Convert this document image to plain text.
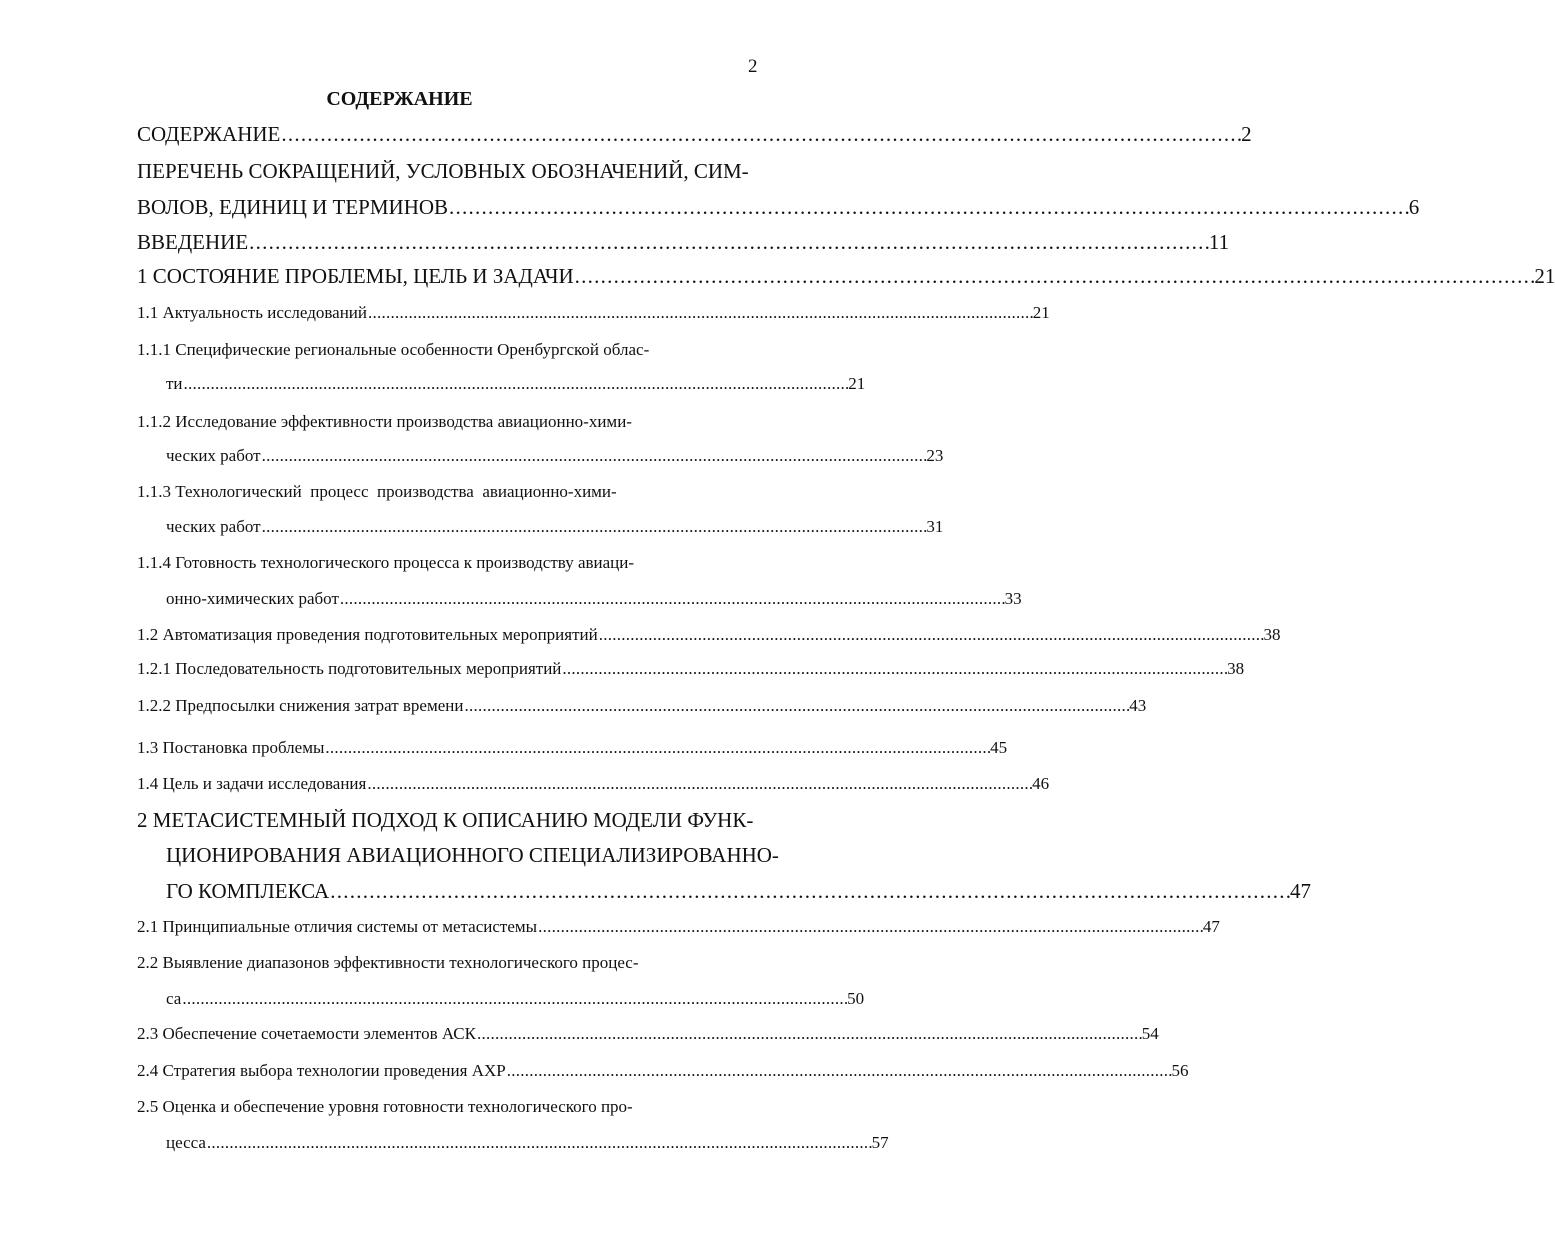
2
СОДЕРЖАНИЕ
СОДЕРЖАНИЕ . . .	2
ПЕРЕЧЕНЬ СОКРАЩЕНИЙ, УСЛОВНЫХ ОБОЗНАЧЕНИЙ, СИМ-
ВОЛОВ, ЕДИНИЦ И ТЕРМИНОВ . . .	6
ВВЕДЕНИЕ . . .	11
1 СОСТОЯНИЕ ПРОБЛЕМЫ, ЦЕЛЬ И ЗАДАЧИ . . .	21
1.1 Актуальность исследований . . .	21
1.1.1 Специфические региональные особенности Оренбургской облас-
ти . . .	21
1.1.2 Исследование эффективности производства авиационно-хими-
ческих работ . . .	23
1.1.3 Технологический  процесс  производства  авиационно-хими-
ческих работ . . .	31
1.1.4 Готовность технологического процесса к производству авиаци-
онно-химических работ . . .	33
1.2 Автоматизация проведения подготовительных мероприятий . . .	38
1.2.1 Последовательность подготовительных мероприятий . . .	38
1.2.2 Предпосылки снижения затрат времени . . .	43
1.3 Постановка проблемы . . .	45
1.4 Цель и задачи исследования . . .	46
2 МЕТАСИСТЕМНЫЙ ПОДХОД К ОПИСАНИЮ МОДЕЛИ ФУНК-
ЦИОНИРОВАНИЯ АВИАЦИОННОГО СПЕЦИАЛИЗИРОВАННО-
ГО КОМПЛЕКСА . . .	47
2.1 Принципиальные отличия системы от метасистемы . . .	47
2.2 Выявление диапазонов эффективности технологического процес-
са . . .	50
2.3 Обеспечение сочетаемости элементов АСК . . .	54
2.4 Стратегия выбора технологии проведения АХР . . .	56
2.5 Оценка и обеспечение уровня готовности технологического про-
цесса . . .	57
